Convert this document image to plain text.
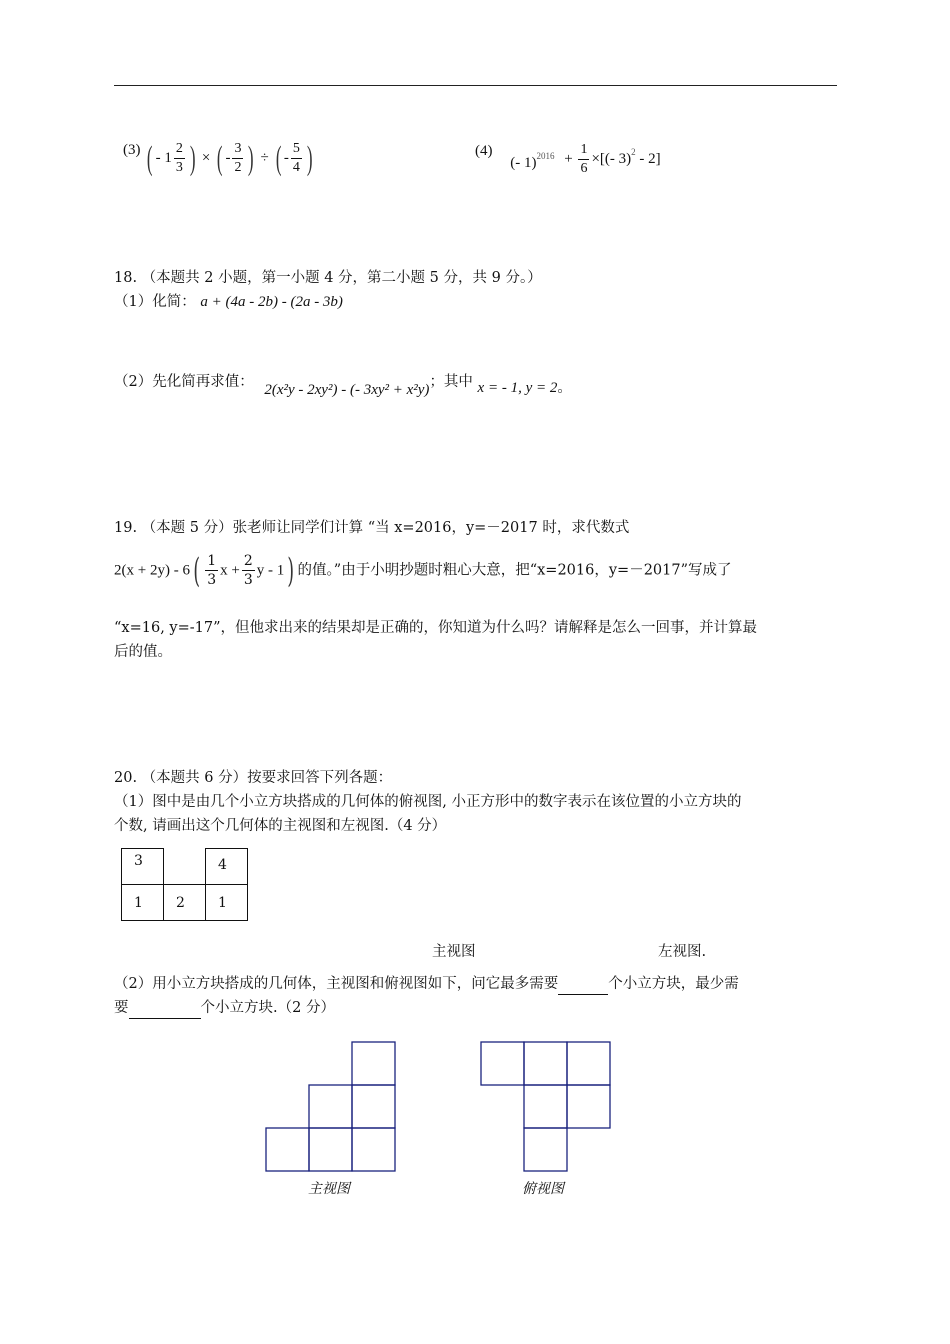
(3) ( - $1 \frac{2}{3}$ ) × ( - $\frac{3}{2}$ ) ÷ ( - $\frac{5}{4}$ )	(4) (- $1)^{2016} + \frac{1}{6}$ ×[(- 3)$^2$ - 2]
18. （本题共 2 小题，第一小题 4 分，第二小题 5 分，共 9 分。）
（1）化简： a + (4a - 2b) - (2a - 3b)
（2）先化简再求值： 2(x²y - 2xy²) - (- 3xy² + x²y)；其中 x = - 1, y = 2。
19. （本题 5 分）张老师让同学们计算 “当 x=2016，y=－2017 时，求代数式
$2(x + 2y) - 6( \frac{1}{3}$ $x + \frac{2}{3}$ y - 1) 的值。”由于小明抄题时粗心大意，把“x=2016，y=－2017”写成了
“x=16, y=-17”，但他求出来的结果却是正确的，你知道为什么吗？请解释是怎么一回事，并计算最
后的值。
20. （本题共 6 分）按要求回答下列各题：
（1）图中是由几个小立方块搭成的几何体的俯视图, 小正方形中的数字表示在该位置的小立方块的
个数, 请画出这个几何体的主视图和左视图.（4 分）
3		4
1	2	1
主视图	左视图.
（2）用小立方块搭成的几何体，主视图和俯视图如下，问它最多需要	个小立方块，最少需
要	个小立方块.（2 分）
主视图	俯视图
